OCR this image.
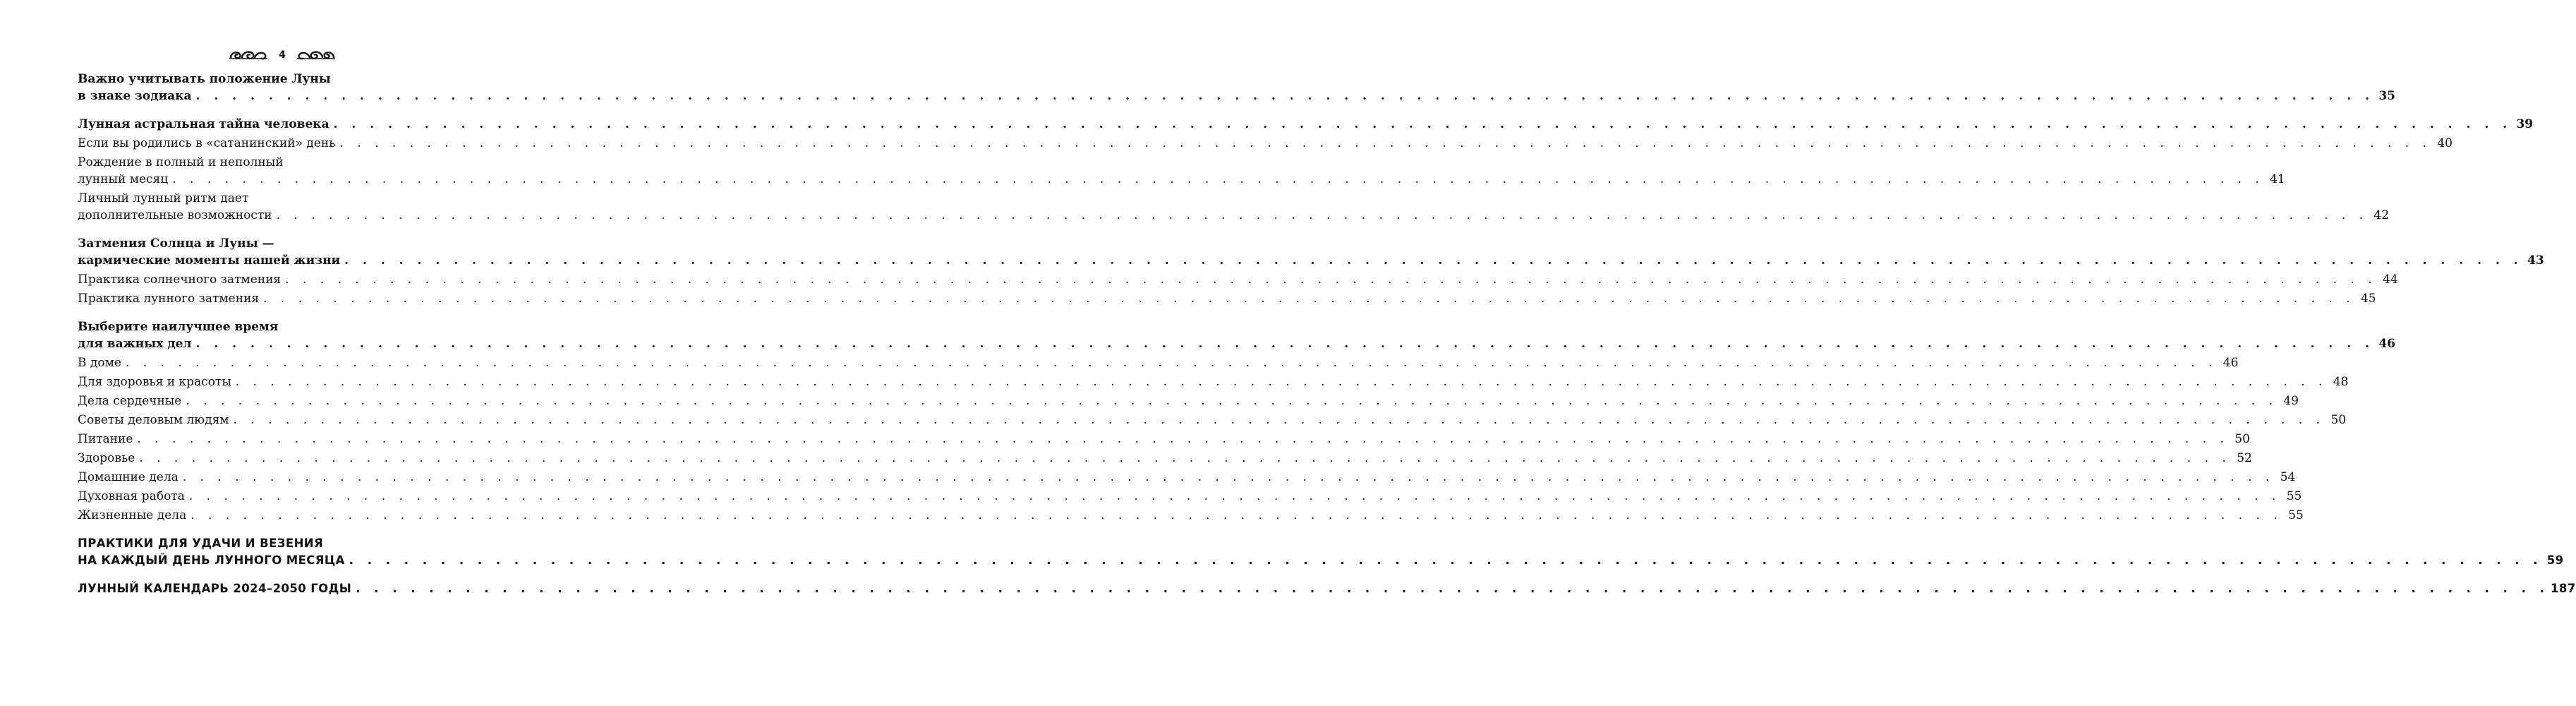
4
Важно учитывать положение Луны
в знаке зодиака . . . . . . . . . . . . . . . . . . . . . . . . . . . . . . . . . . . . . . . . . . . . . . . . . . . . . . . . . . . . . . . . . . . . . . . . . . . . . . . . . . . . . . . . . . . . . . . . . . . . . . . . . . . . . . . . . . . . . . . . 35
Лунная астральная тайна человека . . . . . . . . . . . . . . . . . . . . . . . . . . . . . . . . . . . . . . . . . . . . . . . . . . . . . . . . . . . . . . . . . . . . . . . . . . . . . . . . . . . . . . . . . . . . . . . . . . . . . . . . . . . . . . . . . . . . . . . . 39
Если вы родились в «сатанинский» день . . . . . . . . . . . . . . . . . . . . . . . . . . . . . . . . . . . . . . . . . . . . . . . . . . . . . . . . . . . . . . . . . . . . . . . . . . . . . . . . . . . . . . . . . . . . . . . . . . . . . . . . . . . . . . . . . . . . . . . . 40
Рождение в полный и неполный
лунный месяц . . . . . . . . . . . . . . . . . . . . . . . . . . . . . . . . . . . . . . . . . . . . . . . . . . . . . . . . . . . . . . . . . . . . . . . . . . . . . . . . . . . . . . . . . . . . . . . . . . . . . . . . . . . . . . . . . . . . . . . . 41
Личный лунный ритм дает
дополнительные возможности . . . . . . . . . . . . . . . . . . . . . . . . . . . . . . . . . . . . . . . . . . . . . . . . . . . . . . . . . . . . . . . . . . . . . . . . . . . . . . . . . . . . . . . . . . . . . . . . . . . . . . . . . . . . . . . . . . . . . . . . 42
Затмения Солнца и Луны —
кармические моменты нашей жизни . . . . . . . . . . . . . . . . . . . . . . . . . . . . . . . . . . . . . . . . . . . . . . . . . . . . . . . . . . . . . . . . . . . . . . . . . . . . . . . . . . . . . . . . . . . . . . . . . . . . . . . . . . . . . . . . . . . . . . . . 43
Практика солнечного затмения . . . . . . . . . . . . . . . . . . . . . . . . . . . . . . . . . . . . . . . . . . . . . . . . . . . . . . . . . . . . . . . . . . . . . . . . . . . . . . . . . . . . . . . . . . . . . . . . . . . . . . . . . . . . . . . . . . . . . . . . 44
Практика лунного затмения . . . . . . . . . . . . . . . . . . . . . . . . . . . . . . . . . . . . . . . . . . . . . . . . . . . . . . . . . . . . . . . . . . . . . . . . . . . . . . . . . . . . . . . . . . . . . . . . . . . . . . . . . . . . . . . . . . . . . . . . 45
Выберите наилучшее время
для важных дел . . . . . . . . . . . . . . . . . . . . . . . . . . . . . . . . . . . . . . . . . . . . . . . . . . . . . . . . . . . . . . . . . . . . . . . . . . . . . . . . . . . . . . . . . . . . . . . . . . . . . . . . . . . . . . . . . . . . . . . . 46
В доме . . . . . . . . . . . . . . . . . . . . . . . . . . . . . . . . . . . . . . . . . . . . . . . . . . . . . . . . . . . . . . . . . . . . . . . . . . . . . . . . . . . . . . . . . . . . . . . . . . . . . . . . . . . . . . . . . . . . . . . . 46
Для здоровья и красоты . . . . . . . . . . . . . . . . . . . . . . . . . . . . . . . . . . . . . . . . . . . . . . . . . . . . . . . . . . . . . . . . . . . . . . . . . . . . . . . . . . . . . . . . . . . . . . . . . . . . . . . . . . . . . . . . . . . . . . . . 48
Дела сердечные . . . . . . . . . . . . . . . . . . . . . . . . . . . . . . . . . . . . . . . . . . . . . . . . . . . . . . . . . . . . . . . . . . . . . . . . . . . . . . . . . . . . . . . . . . . . . . . . . . . . . . . . . . . . . . . . . . . . . . . . 49
Советы деловым людям . . . . . . . . . . . . . . . . . . . . . . . . . . . . . . . . . . . . . . . . . . . . . . . . . . . . . . . . . . . . . . . . . . . . . . . . . . . . . . . . . . . . . . . . . . . . . . . . . . . . . . . . . . . . . . . . . . . . . . . . 50
Питание . . . . . . . . . . . . . . . . . . . . . . . . . . . . . . . . . . . . . . . . . . . . . . . . . . . . . . . . . . . . . . . . . . . . . . . . . . . . . . . . . . . . . . . . . . . . . . . . . . . . . . . . . . . . . . . . . . . . . . . . 50
Здоровье . . . . . . . . . . . . . . . . . . . . . . . . . . . . . . . . . . . . . . . . . . . . . . . . . . . . . . . . . . . . . . . . . . . . . . . . . . . . . . . . . . . . . . . . . . . . . . . . . . . . . . . . . . . . . . . . . . . . . . . . 52
Домашние дела . . . . . . . . . . . . . . . . . . . . . . . . . . . . . . . . . . . . . . . . . . . . . . . . . . . . . . . . . . . . . . . . . . . . . . . . . . . . . . . . . . . . . . . . . . . . . . . . . . . . . . . . . . . . . . . . . . . . . . . . 54
Духовная работа . . . . . . . . . . . . . . . . . . . . . . . . . . . . . . . . . . . . . . . . . . . . . . . . . . . . . . . . . . . . . . . . . . . . . . . . . . . . . . . . . . . . . . . . . . . . . . . . . . . . . . . . . . . . . . . . . . . . . . . . 55
Жизненные дела . . . . . . . . . . . . . . . . . . . . . . . . . . . . . . . . . . . . . . . . . . . . . . . . . . . . . . . . . . . . . . . . . . . . . . . . . . . . . . . . . . . . . . . . . . . . . . . . . . . . . . . . . . . . . . . . . . . . . . . . 55
ПРАКТИКИ ДЛЯ УДАЧИ И ВЕЗЕНИЯ
НА КАЖДЫЙ ДЕНЬ ЛУННОГО МЕСЯЦА . . . . . . . . . . . . . . . . . . . . . . . . . . . . . . . . . . . . . . . . . . . . . . . . . . . . . . . . . . . . . . . . . . . . . . . . . . . . . . . . . . . . . . . . . . . . . . . . . . . . . . . . . . . . . . . . . . . . . . . . 59
ЛУННЫЙ КАЛЕНДАРЬ 2024–2050 ГОДЫ . . . . . . . . . . . . . . . . . . . . . . . . . . . . . . . . . . . . . . . . . . . . . . . . . . . . . . . . . . . . . . . . . . . . . . . . . . . . . . . . . . . . . . . . . . . . . . . . . . . . . . . . . . . . . . . . . . . . . . . . 187
